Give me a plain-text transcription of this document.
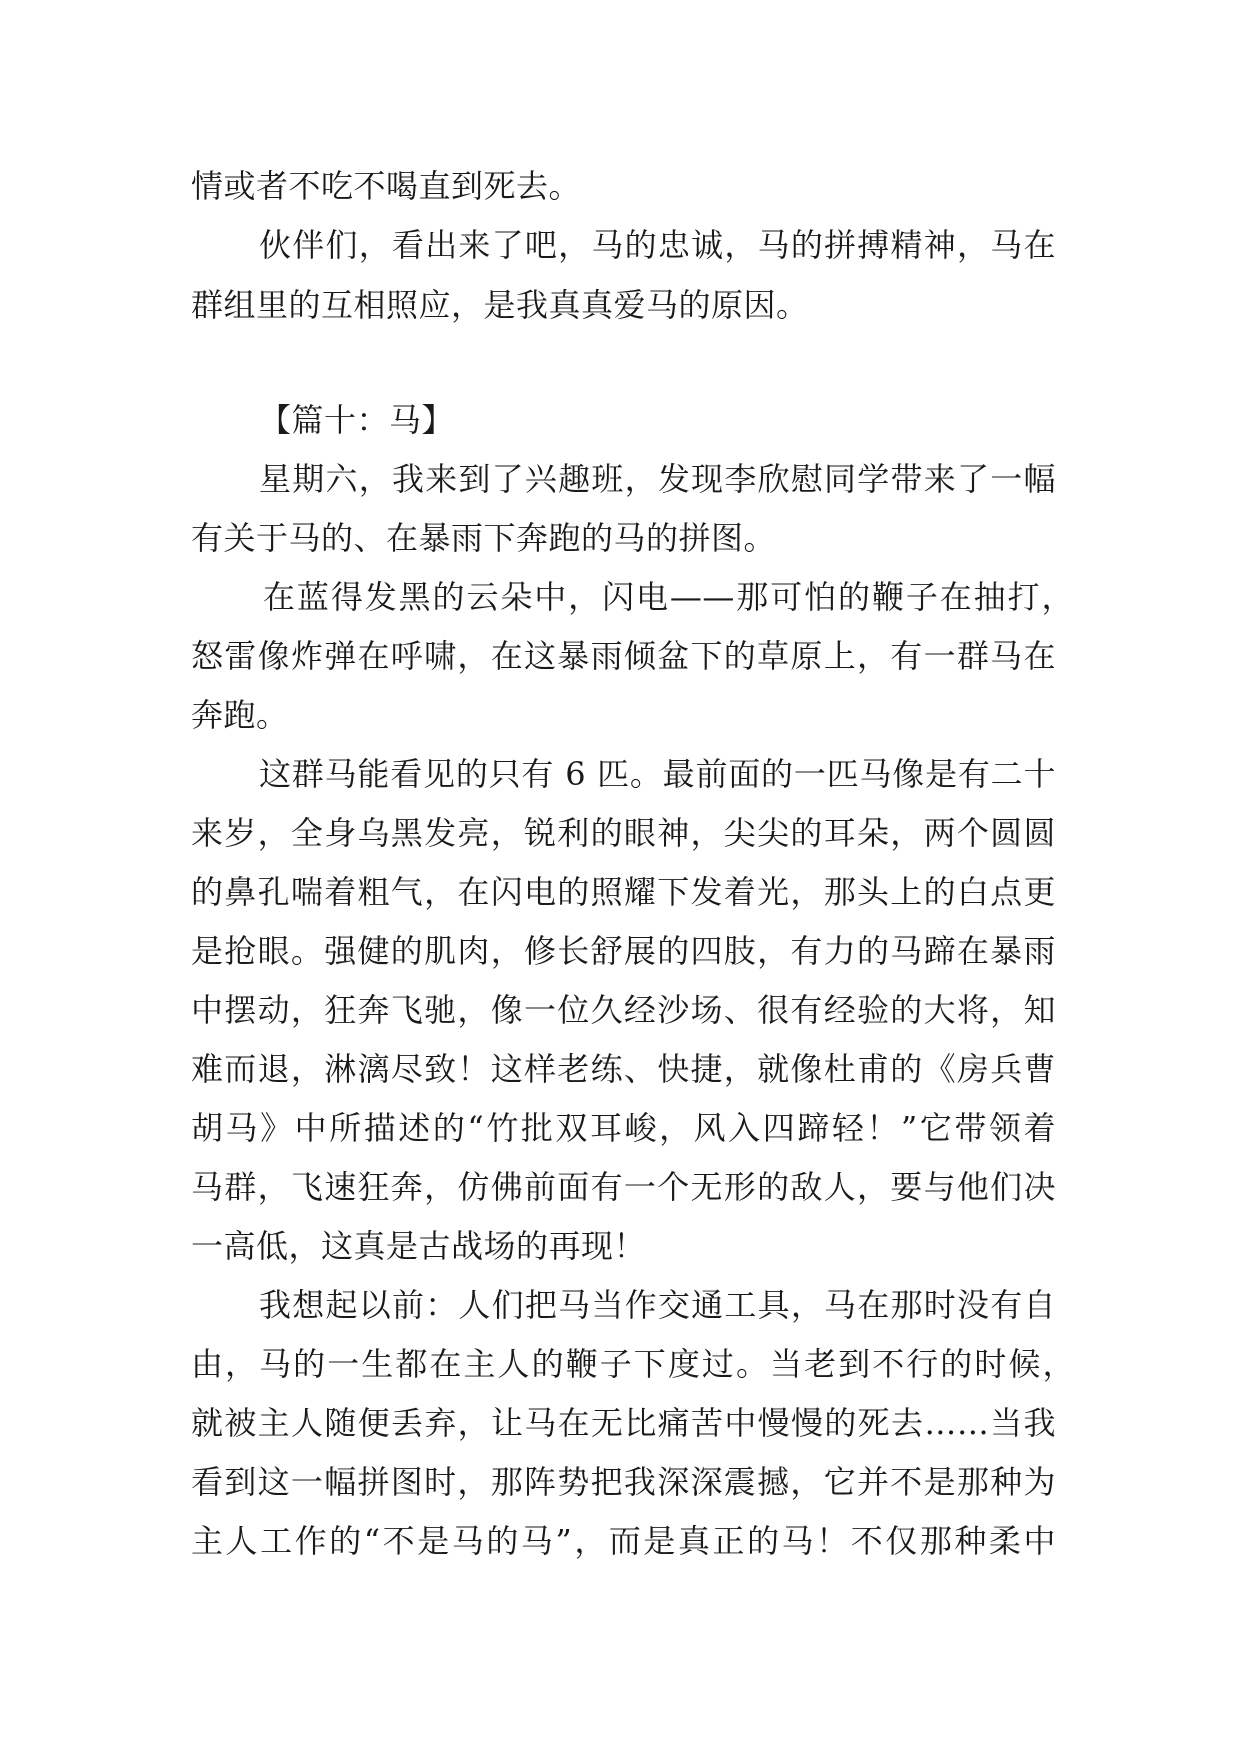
情或者不吃不喝直到死去。
伙伴们，看出来了吧，马的忠诚，马的拼搏精神，马在
群组里的互相照应，是我真真爱马的原因。
【篇十：马】
星期六，我来到了兴趣班，发现李欣慰同学带来了一幅
有关于马的、在暴雨下奔跑的马的拼图。
在蓝得发黑的云朵中，闪电——那可怕的鞭子在抽打，
怒雷像炸弹在呼啸，在这暴雨倾盆下的草原上，有一群马在
奔跑。
这群马能看见的只有 6 匹。最前面的一匹马像是有二十
来岁，全身乌黑发亮，锐利的眼神，尖尖的耳朵，两个圆圆
的鼻孔喘着粗气，在闪电的照耀下发着光，那头上的白点更
是抢眼。强健的肌肉，修长舒展的四肢，有力的马蹄在暴雨
中摆动，狂奔飞驰，像一位久经沙场、很有经验的大将，知
难而退，淋漓尽致！这样老练、快捷，就像杜甫的《房兵曹
胡马》中所描述的“竹批双耳峻，风入四蹄轻！”它带领着
马群，飞速狂奔，仿佛前面有一个无形的敌人，要与他们决
一高低，这真是古战场的再现！
我想起以前：人们把马当作交通工具，马在那时没有自
由，马的一生都在主人的鞭子下度过。当老到不行的时候，
就被主人随便丢弃，让马在无比痛苦中慢慢的死去……当我
看到这一幅拼图时，那阵势把我深深震撼，它并不是那种为
主人工作的“不是马的马”，而是真正的马！不仅那种柔中
